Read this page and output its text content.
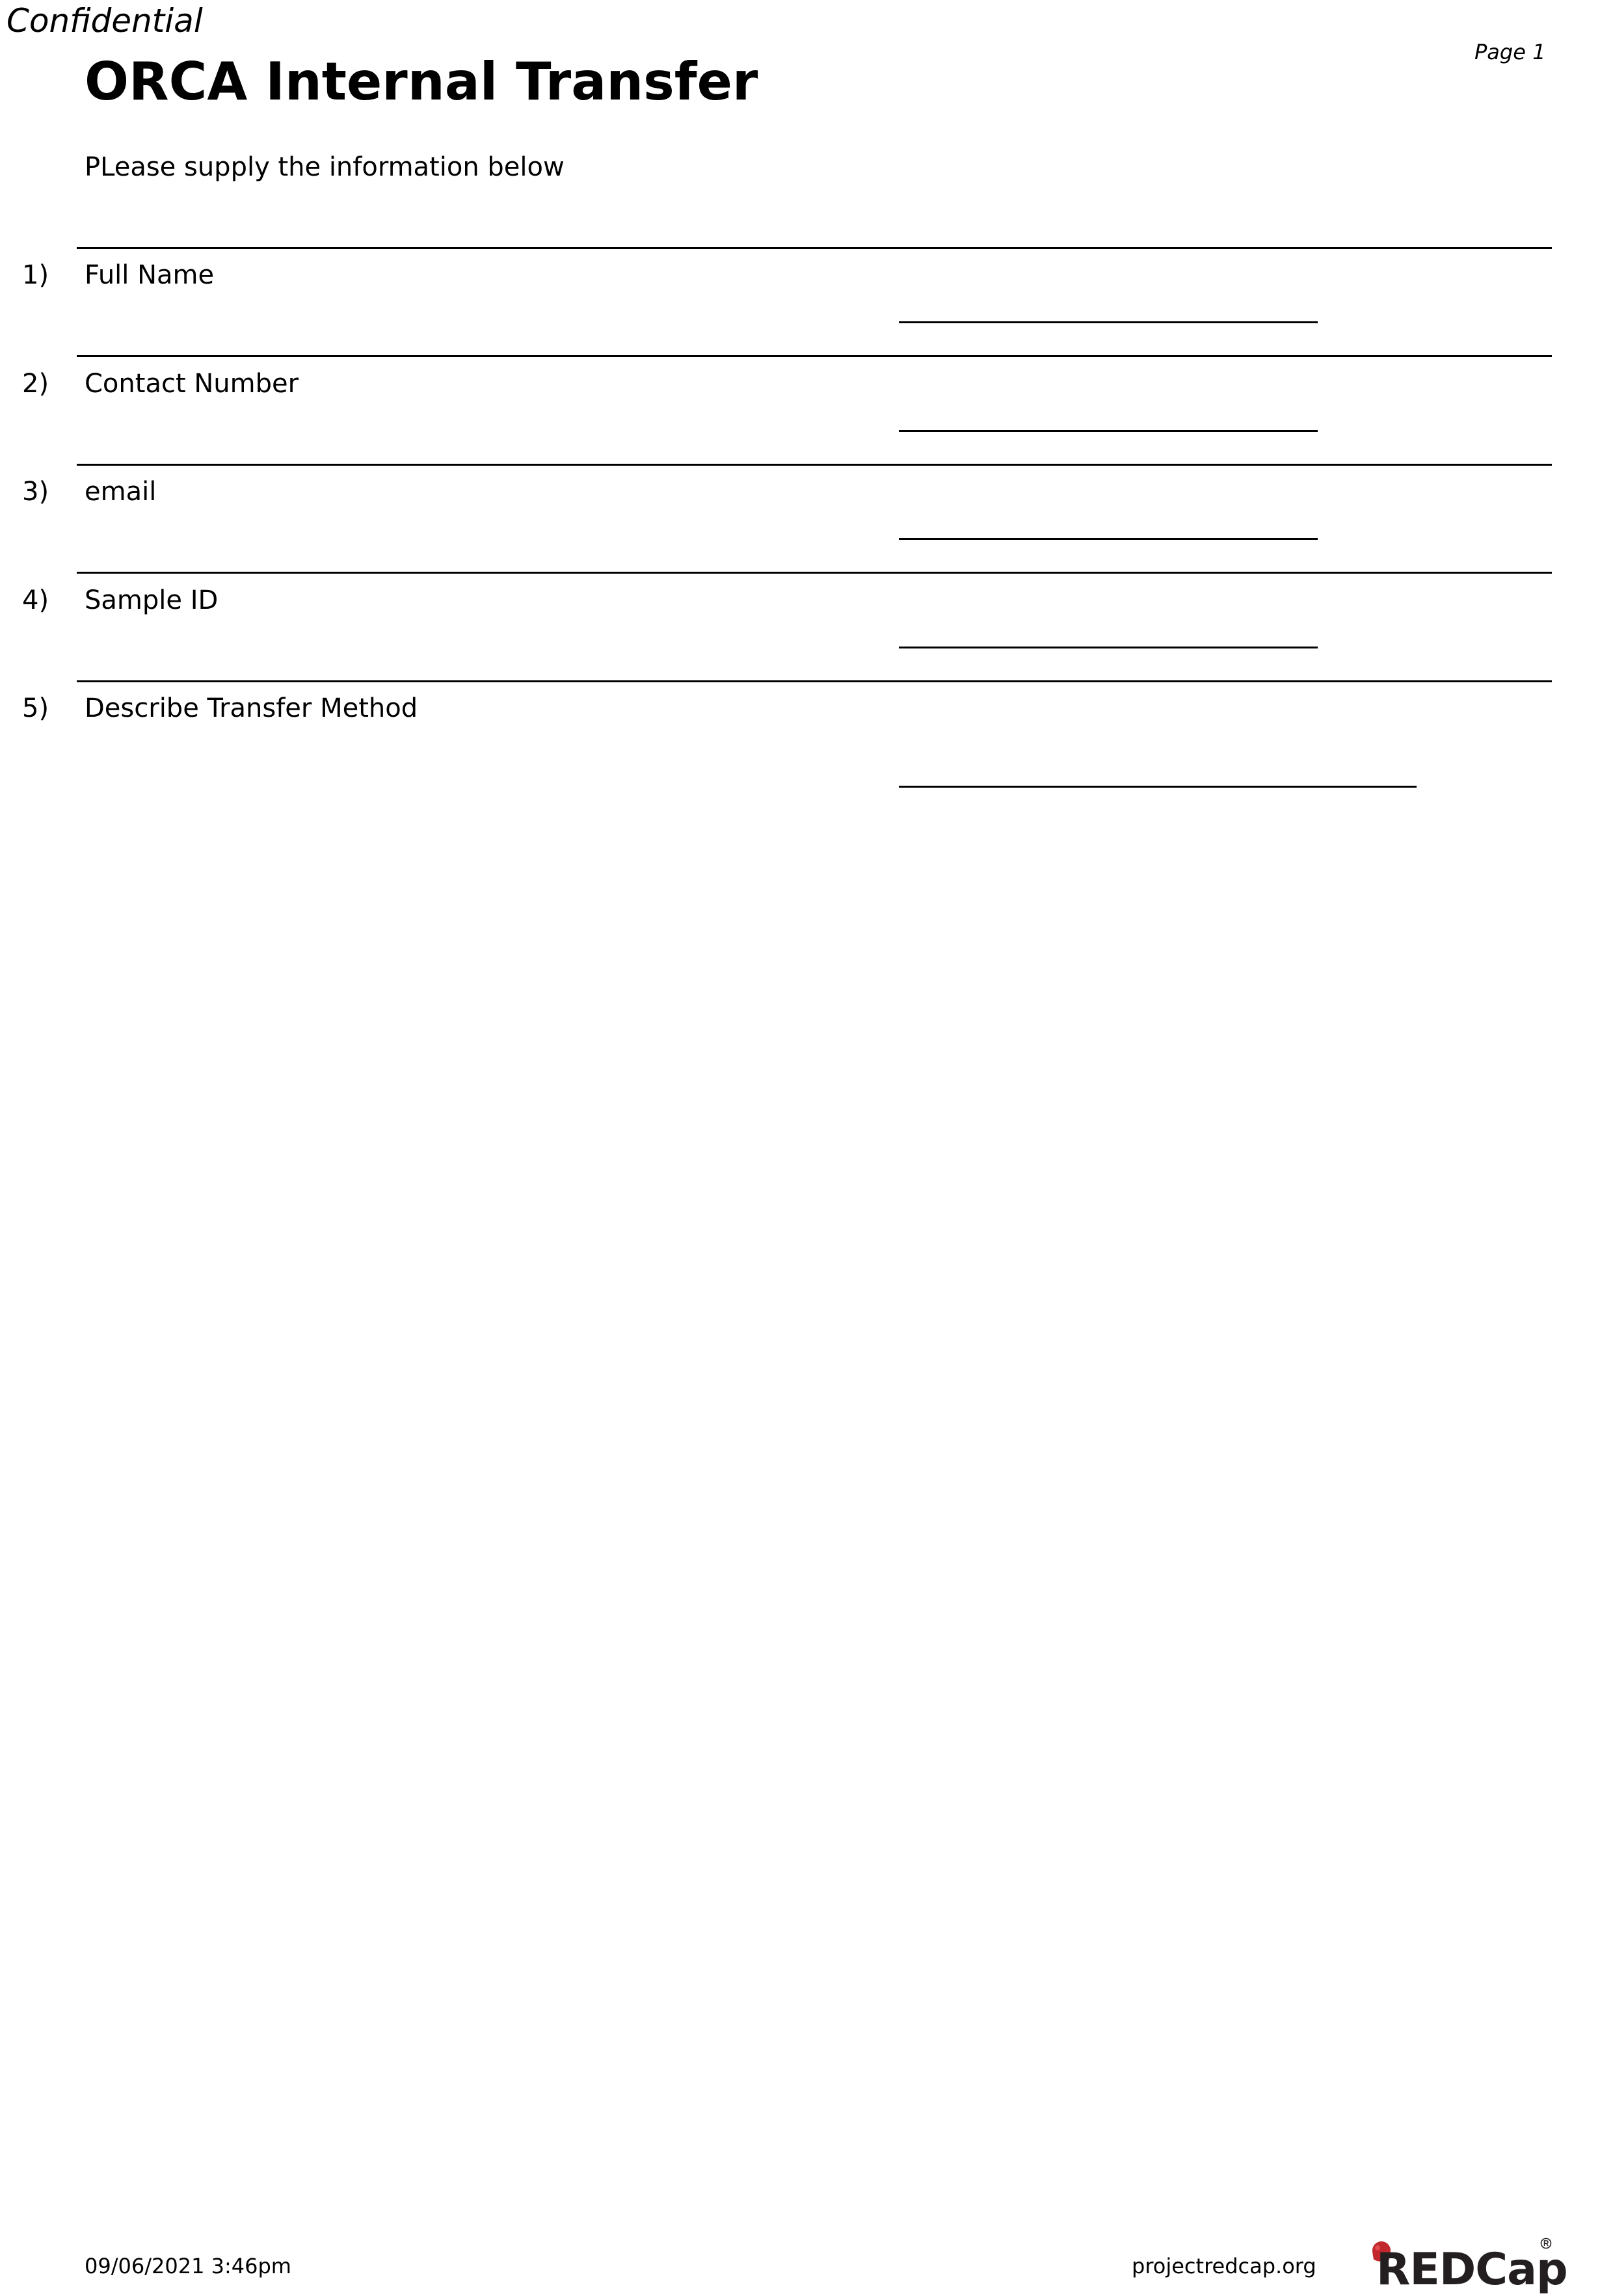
Confidential
Page 1
ORCA Internal Transfer
PLease supply the information below
1) Full Name
2) Contact Number
3) email
4) Sample ID
5) Describe Transfer Method
09/06/2021 3:46pm	projectredcap.org REDCap
